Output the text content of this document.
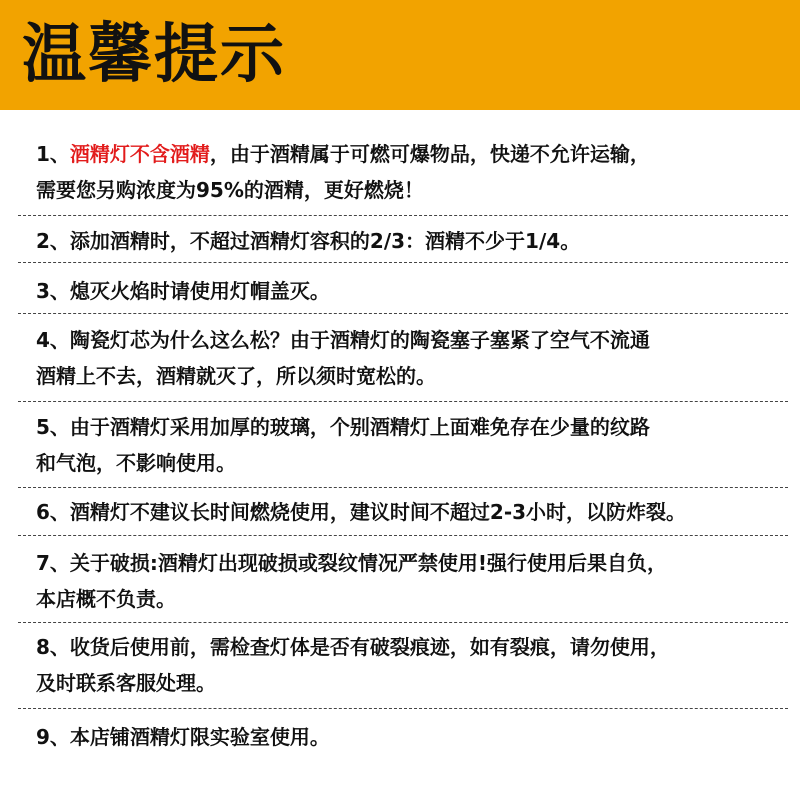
温馨提示
1、酒精灯不含酒精，由于酒精属于可燃可爆物品，快递不允许运输，
需要您另购浓度为95%的酒精，更好燃烧！
2、添加酒精时，不超过酒精灯容积的2/3：酒精不少于1/4。
3、熄灭火焰时请使用灯帽盖灭。
4、陶瓷灯芯为什么这么松？由于酒精灯的陶瓷塞子塞紧了空气不流通
酒精上不去，酒精就灭了，所以须时宽松的。
5、由于酒精灯采用加厚的玻璃，个别酒精灯上面难免存在少量的纹路
和气泡，不影响使用。
6、酒精灯不建议长时间燃烧使用，建议时间不超过2-3小时，以防炸裂。
7、关于破损:酒精灯出现破损或裂纹情况严禁使用!强行使用后果自负，
本店概不负责。
8、收货后使用前，需检查灯体是否有破裂痕迹，如有裂痕，请勿使用，
及时联系客服处理。
9、本店铺酒精灯限实验室使用。
